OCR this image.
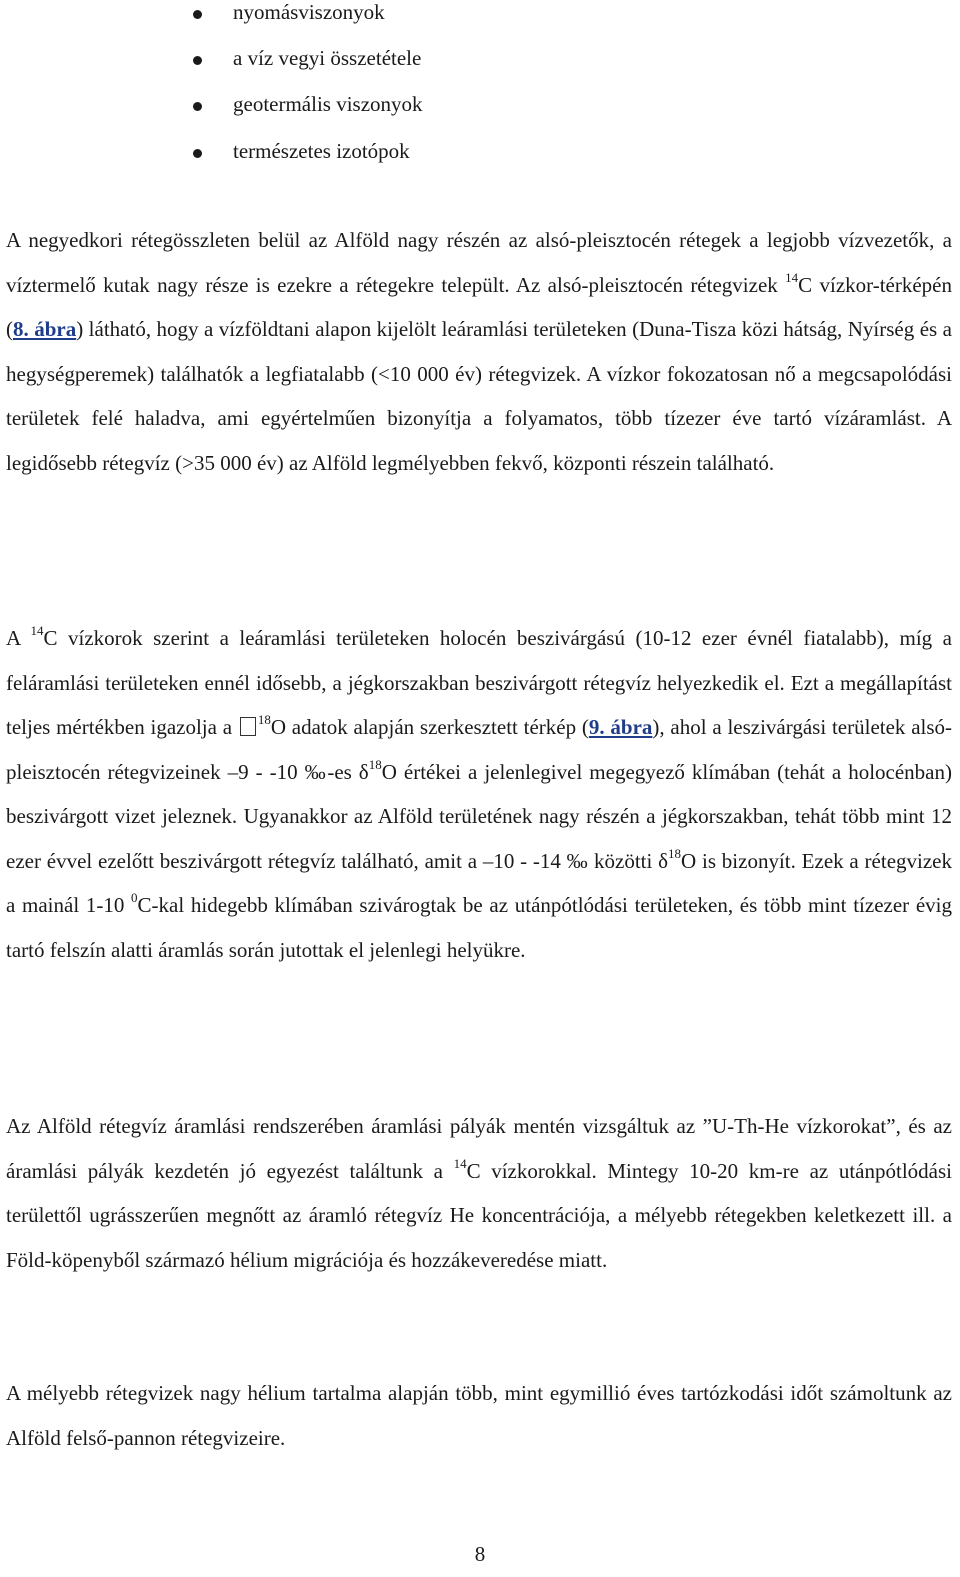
nyomásviszonyok
a víz vegyi összetétele
geotermális viszonyok
természetes izotópok

A negyedkori rétegösszleten belül az Alföld nagy részén az alsó-pleisztocén rétegek a legjobb vízvezetők, a víztermelő kutak nagy része is ezekre a rétegekre települt. Az alsó-pleisztocén rétegvizek $^{14}$C vízkor-térképén (8. ábra) látható, hogy a vízföldtani alapon kijelölt leáramlási területeken (Duna-Tisza közi hátság, Nyírség és a hegységperemek) találhatók a legfiatalabb (<10 000 év) rétegvizek. A vízkor fokozatosan nő a megcsapolódási területek felé haladva, ami egyértelműen bizonyítja a folyamatos, több tízezer éve tartó vízáramlást. A legidősebb rétegvíz (>35 000 év) az Alföld legmélyebben fekvő, központi részein található.

A $^{14}$C vízkorok szerint a leáramlási területeken holocén beszivárgású (10-12 ezer évnél fiatalabb), míg a feláramlási területeken ennél idősebb, a jégkorszakban beszivárgott rétegvíz helyezkedik el. Ezt a megállapítást teljes mértékben igazolja a $^{18}$O adatok alapján szerkesztett térkép (9. ábra), ahol a leszivárgási területek alsó-pleisztocén rétegvizeinek –9 - -10 ‰-es $\delta^{18}O$ értékei a jelenlegivel megegyező klímában (tehát a holocénban) beszivárgott vizet jeleznek. Ugyanakkor az Alföld területének nagy részén a jégkorszakban, tehát több mint 12 ezer évvel ezelőtt beszivárgott rétegvíz található, amit a –10 - -14 ‰ közötti $\delta^{18}O$ is bizonyít. Ezek a rétegvizek a mainál 1-10 $^0$C-kal hidegebb klímában szivárogtak be az utánpótlódási területeken, és több mint tízezer évig tartó felszín alatti áramlás során jutottak el jelenlegi helyükre.

Az Alföld rétegvíz áramlási rendszerében áramlási pályák mentén vizsgáltuk az ”U-Th-He vízkorokat”, és az áramlási pályák kezdetén jó egyezést találtunk a $^{14}$C vízkorokkal. Mintegy 10-20 km-re az utánpótlódási területtől ugrásszerűen megnőtt az áramló rétegvíz He koncentrációja, a mélyebb rétegekben keletkezett ill. a Föld-köpenyből származó hélium migrációja és hozzákeveredése miatt.

A mélyebb rétegvizek nagy hélium tartalma alapján több, mint egymillió éves tartózkodási időt számoltunk az Alföld felső-pannon rétegvizeire.

8
